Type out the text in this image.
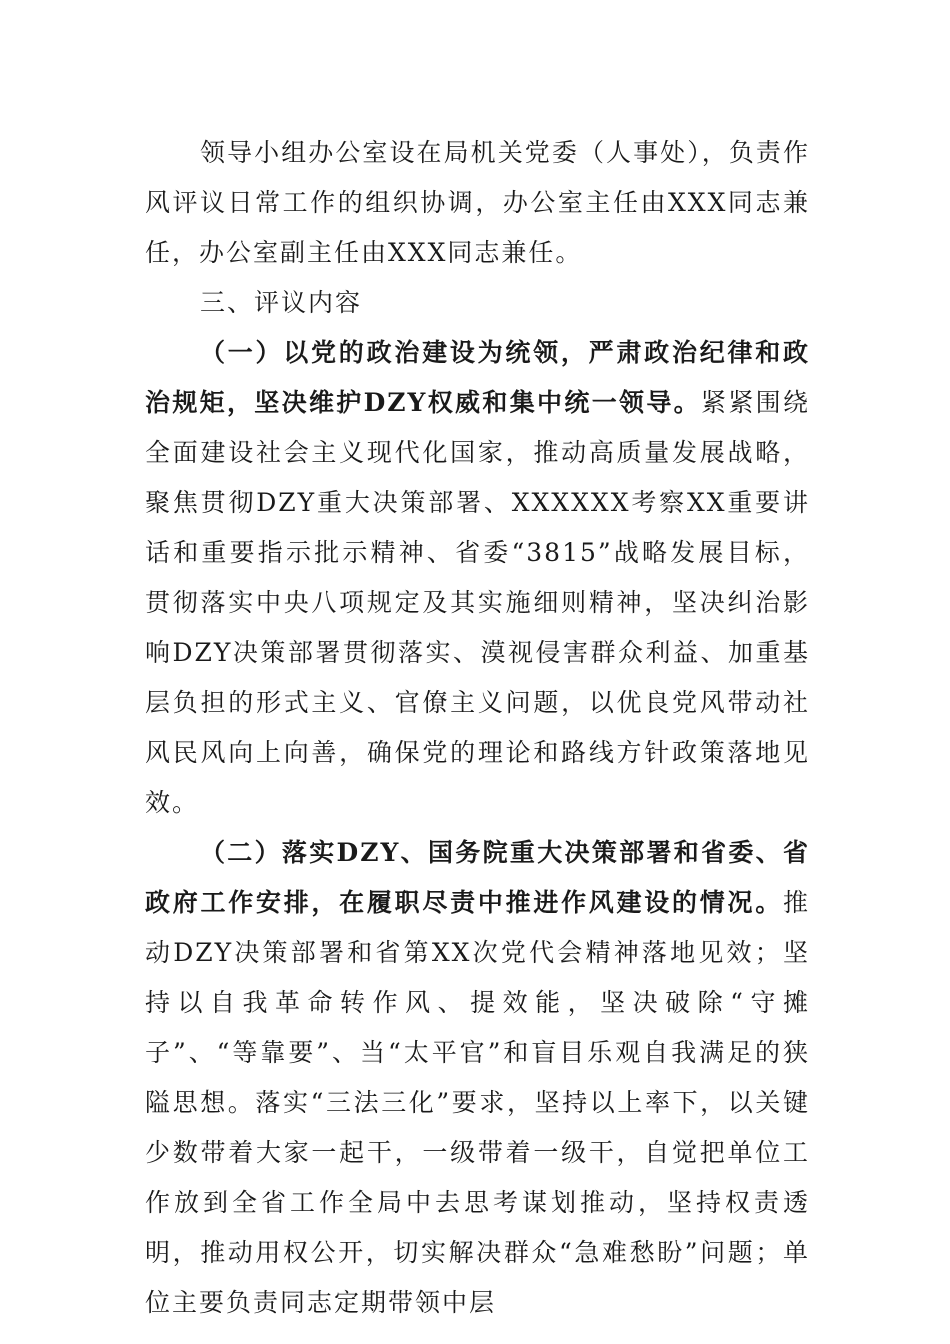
领导小组办公室设在局机关党委（人事处），负责作风评议日常工作的组织协调，办公室主任由XXX同志兼任，办公室副主任由XXX同志兼任。

三、评议内容

（一）以党的政治建设为统领，严肃政治纪律和政治规矩，坚决维护DZY权威和集中统一领导。紧紧围绕全面建设社会主义现代化国家，推动高质量发展战略，聚焦贯彻DZY重大决策部署、XXXXXX考察XX重要讲话和重要指示批示精神、省委“3815”战略发展目标，贯彻落实中央八项规定及其实施细则精神，坚决纠治影响DZY决策部署贯彻落实、漠视侵害群众利益、加重基层负担的形式主义、官僚主义问题，以优良党风带动社风民风向上向善，确保党的理论和路线方针政策落地见效。

（二）落实DZY、国务院重大决策部署和省委、省政府工作安排，在履职尽责中推进作风建设的情况。推动DZY决策部署和省第XX次党代会精神落地见效；坚持以自我革命转作风、提效能，坚决破除“守摊子”、“等靠要”、当“太平官”和盲目乐观自我满足的狭隘思想。落实“三法三化”要求，坚持以上率下，以关键少数带着大家一起干，一级带着一级干，自觉把单位工作放到全省工作全局中去思考谋划推动，坚持权责透明，推动用权公开，切实解决群众“急难愁盼”问题；单位主要负责同志定期带领中层
